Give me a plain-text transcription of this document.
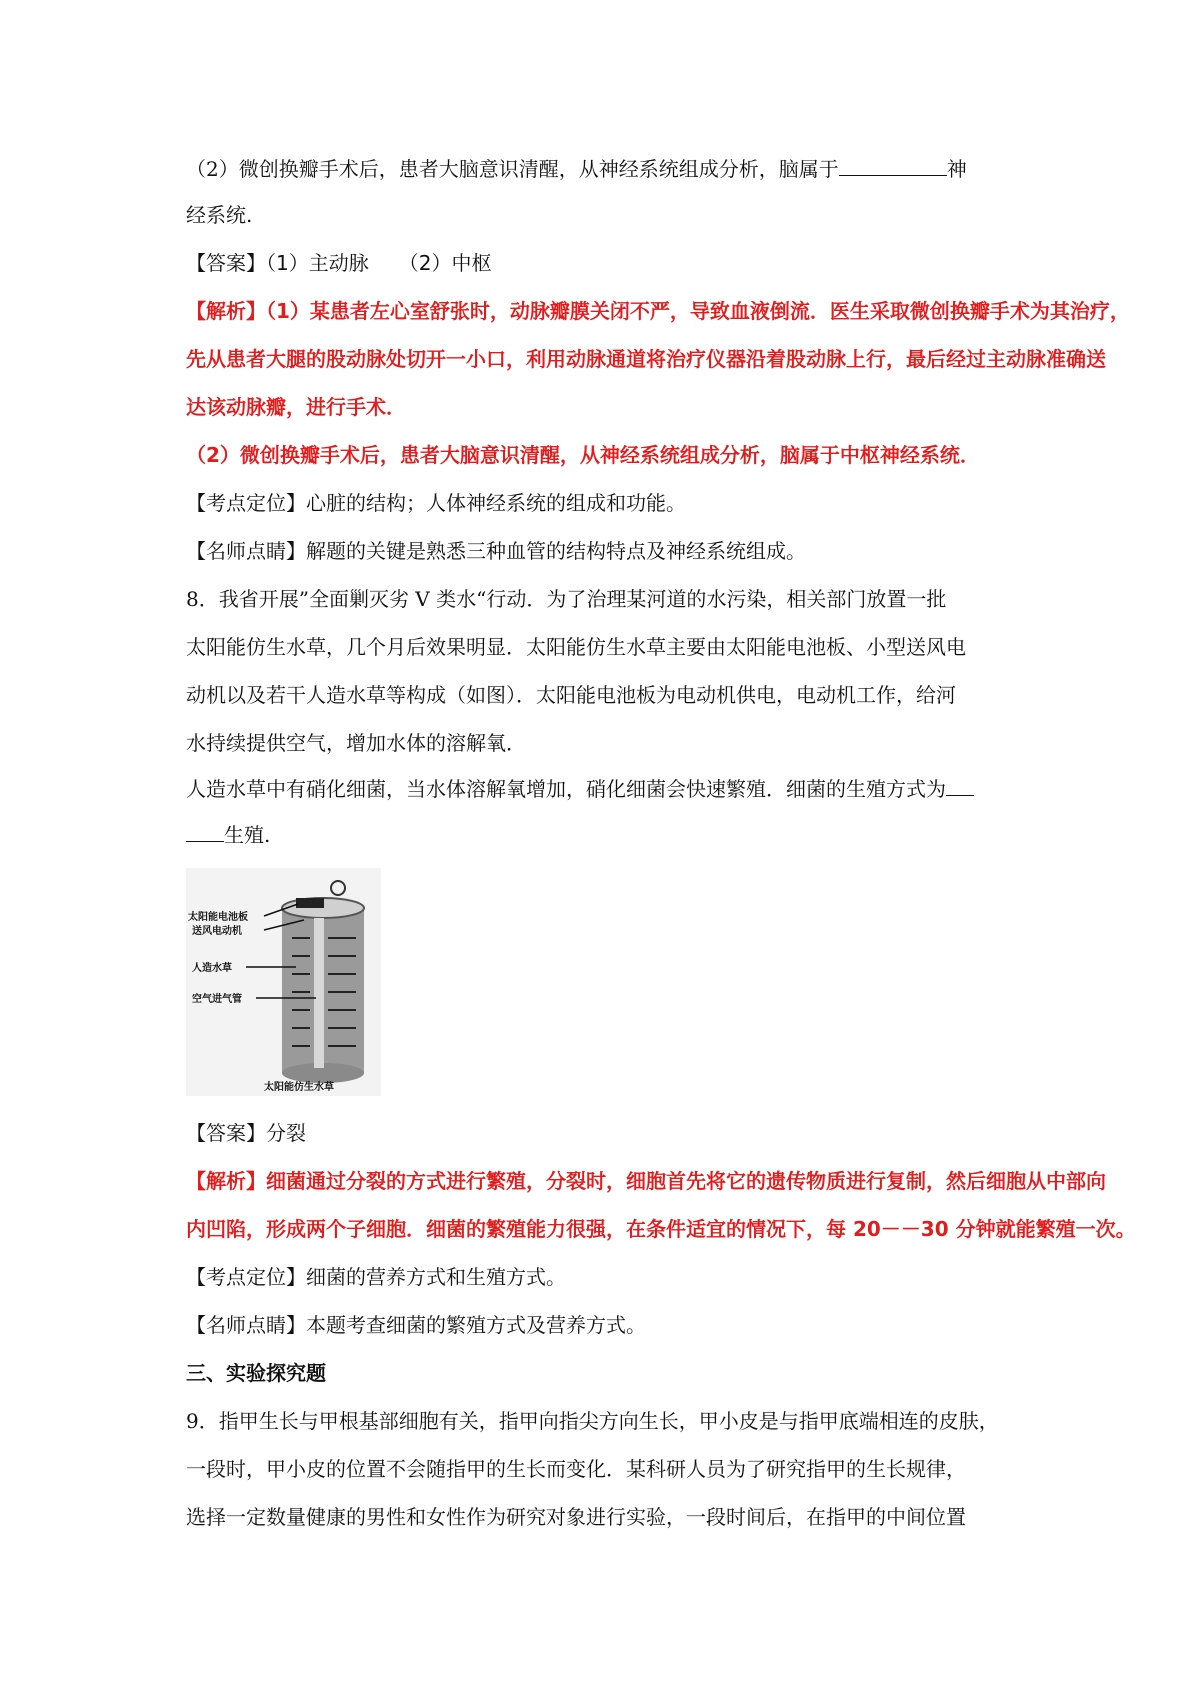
（2）微创换瓣手术后，患者大脑意识清醒，从神经系统组成分析，脑属于	神
经系统.
【答案】（1）主动脉　　（2）中枢
【解析】（1）某患者左心室舒张时，动脉瓣膜关闭不严，导致血液倒流．医生采取微创换瓣手术为其治疗，
先从患者大腿的股动脉处切开一小口，利用动脉通道将治疗仪器沿着股动脉上行，最后经过主动脉准确送
达该动脉瓣，进行手术．
（2）微创换瓣手术后，患者大脑意识清醒，从神经系统组成分析，脑属于中枢神经系统．
【考点定位】心脏的结构；人体神经系统的组成和功能。
【名师点睛】解题的关键是熟悉三种血管的结构特点及神经系统组成。
8．我省开展”全面剿灭劣 V 类水“行动．为了治理某河道的水污染，相关部门放置一批
太阳能仿生水草，几个月后效果明显．太阳能仿生水草主要由太阳能电池板、小型送风电
动机以及若干人造水草等构成（如图）．太阳能电池板为电动机供电，电动机工作，给河
水持续提供空气，增加水体的溶解氧．
人造水草中有硝化细菌，当水体溶解氧增加，硝化细菌会快速繁殖．细菌的生殖方式为
生殖.
太阳能电池板
送风电动机
人造水草
空气进气管
太阳能仿生水草
【答案】分裂
【解析】细菌通过分裂的方式进行繁殖，分裂时，细胞首先将它的遗传物质进行复制，然后细胞从中部向
内凹陷，形成两个子细胞．细菌的繁殖能力很强，在条件适宜的情况下，每 20－－30 分钟就能繁殖一次。
【考点定位】细菌的营养方式和生殖方式。
【名师点睛】本题考查细菌的繁殖方式及营养方式。
三、实验探究题
9．指甲生长与甲根基部细胞有关，指甲向指尖方向生长，甲小皮是与指甲底端相连的皮肤，
一段时，甲小皮的位置不会随指甲的生长而变化．某科研人员为了研究指甲的生长规律，
选择一定数量健康的男性和女性作为研究对象进行实验，一段时间后，在指甲的中间位置
